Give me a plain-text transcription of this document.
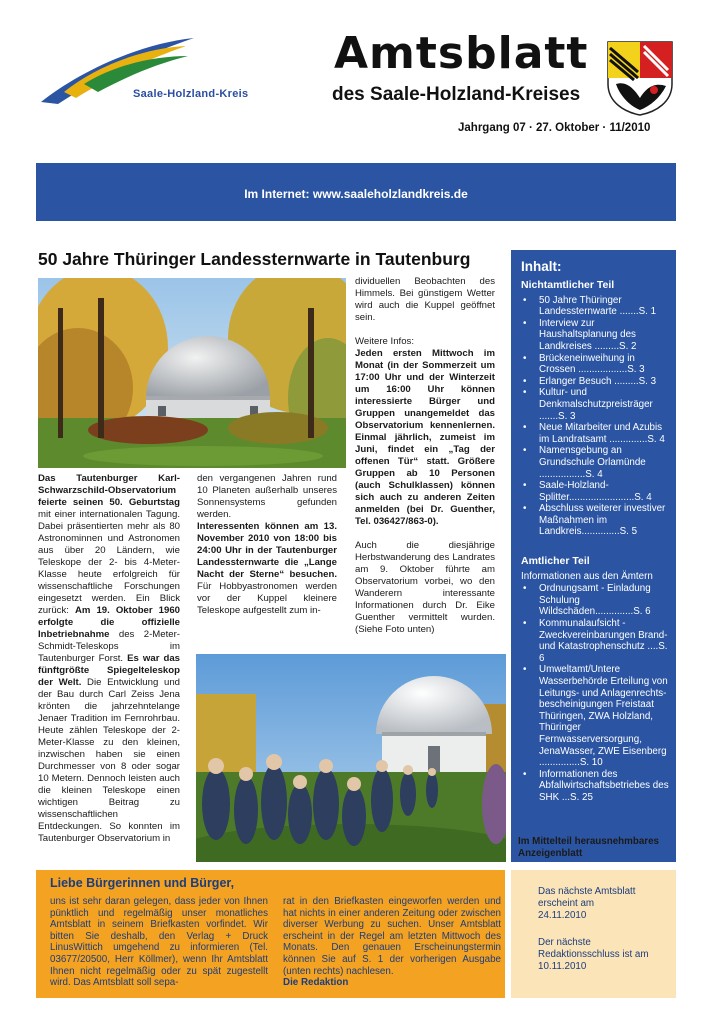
Saale-Holzland-Kreis
Amtsblatt
des Saale-Holzland-Kreises
Jahrgang 07 · 27. Oktober · 11/2010
Im Internet: www.saaleholzlandkreis.de
50 Jahre Thüringer Landessternwarte in Tautenburg

Das Tautenburger Karl-Schwarzschild-Observatorium feierte seinen 50. Geburtstag mit einer internationalen Tagung. Dabei präsentierten mehr als 80 Astronominnen und Astronomen aus über 20 Ländern, wie Teleskope der 2- bis 4-Meter-Klasse heute erfolgreich für wissenschaftliche Forschungen eingesetzt werden. Ein Blick zurück: Am 19. Oktober 1960 erfolgte die offizielle Inbetriebnahme des 2-Meter-Schmidt-Teleskops im Tautenburger Forst. Es war das fünftgrößte Spiegelteleskop der Welt. Die Entwicklung und der Bau durch Carl Zeiss Jena krönten die jahrzehntelange Jenaer Tradition im Fernrohrbau. Heute zählen Teleskope der 2-Meter-Klasse zu den kleinen, inzwischen haben sie einen Durchmesser von 8 oder sogar 10 Metern. Dennoch leisten auch die kleinen Teleskope einen wichtigen Beitrag zu wissenschaftlichen Entdeckungen. So konnten im Tautenburger Observatorium in

den vergangenen Jahren rund 10 Planeten außerhalb unseres Sonnensystems gefunden werden.
Interessenten können am 13. November 2010 von 18:00 bis 24:00 Uhr in der Tautenburger Landessternwarte die „Lange Nacht der Sterne“ besuchen. Für Hobbyastronomen werden vor der Kuppel kleinere Teleskope aufgestellt zum in-

dividuellen Beobachten des Himmels. Bei günstigem Wetter wird auch die Kuppel geöffnet sein.

Weitere Infos:
Jeden ersten Mittwoch im Monat (in der Sommerzeit um 17:00 Uhr und der Winterzeit um 16:00 Uhr können interessierte Bürger und Gruppen unangemeldet das Observatorium kennenlernen. Einmal jährlich, zumeist im Juni, findet ein „Tag der offenen Tür“ statt. Größere Gruppen ab 10 Personen (auch Schulklassen) können sich auch zu anderen Zeiten anmelden (bei Dr. Guenther, Tel. 036427/863-0).

Auch die diesjährige Herbstwanderung des Landrates am 9. Oktober führte am Observatorium vorbei, wo den Wanderern interessante Informationen durch Dr. Eike Guenther vermittelt wurden. (Siehe Foto unten)

Inhalt:
Nichtamtlicher Teil
• 50 Jahre Thüringer Landessternwarte .......S. 1
• Interview zur Haushaltsplanung des Landkreises .........S. 2
• Brückeneinweihung in Crossen ..................S. 3
• Erlanger Besuch .........S. 3
• Kultur- und Denkmalschutzpreisträger .......S. 3
• Neue Mitarbeiter und Azubis im Landratsamt ..............S. 4
• Namensgebung an Grundschule Orlamünde .................S. 4
• Saale-Holzland-Splitter........................S. 4
• Abschluss weiterer investiver Maßnahmen im Landkreis..............S. 5
Amtlicher Teil
Informationen aus den Ämtern
• Ordnungsamt - Einladung Schulung Wildschäden..............S. 6
• Kommunalaufsicht - Zweckvereinbarungen Brand- und Katastrophenschutz ....S. 6
• Umweltamt/Untere Wasserbehörde Erteilung von Leitungs- und Anlagenrechts-bescheinigungen Freistaat Thüringen, ZWA Holzland, Thüringer Fernwasserversorgung, JenaWasser, ZWE Eisenberg ...............S. 10
• Informationen des Abfallwirtschaftsbetriebes des SHK ...S. 25
Im Mittelteil herausnehmbares Anzeigenblatt
Liebe Bürgerinnen und Bürger,
uns ist sehr daran gelegen, dass jeder von Ihnen pünktlich und regelmäßig unser monatliches Amtsblatt in seinem Briefkasten vorfindet. Wir bitten Sie deshalb, den Verlag + Druck LinusWittich umgehend zu informieren (Tel. 03677/20500, Herr Köllmer), wenn Ihr Amtsblatt Ihnen nicht regelmäßig oder zu spät zugestellt wird. Das Amtsblatt soll sepa-
rat in den Briefkasten eingeworfen werden und hat nichts in einer anderen Zeitung oder zwischen diverser Werbung zu suchen. Unser Amtsblatt erscheint in der Regel am letzten Mittwoch des Monats. Den genauen Erscheinungstermin können Sie auf S. 1 der vorherigen Ausgabe (unten rechts) nachlesen.
Die Redaktion
Das nächste Amtsblatt erscheint am
24.11.2010
Der nächste Redaktionsschluss ist am
10.11.2010
